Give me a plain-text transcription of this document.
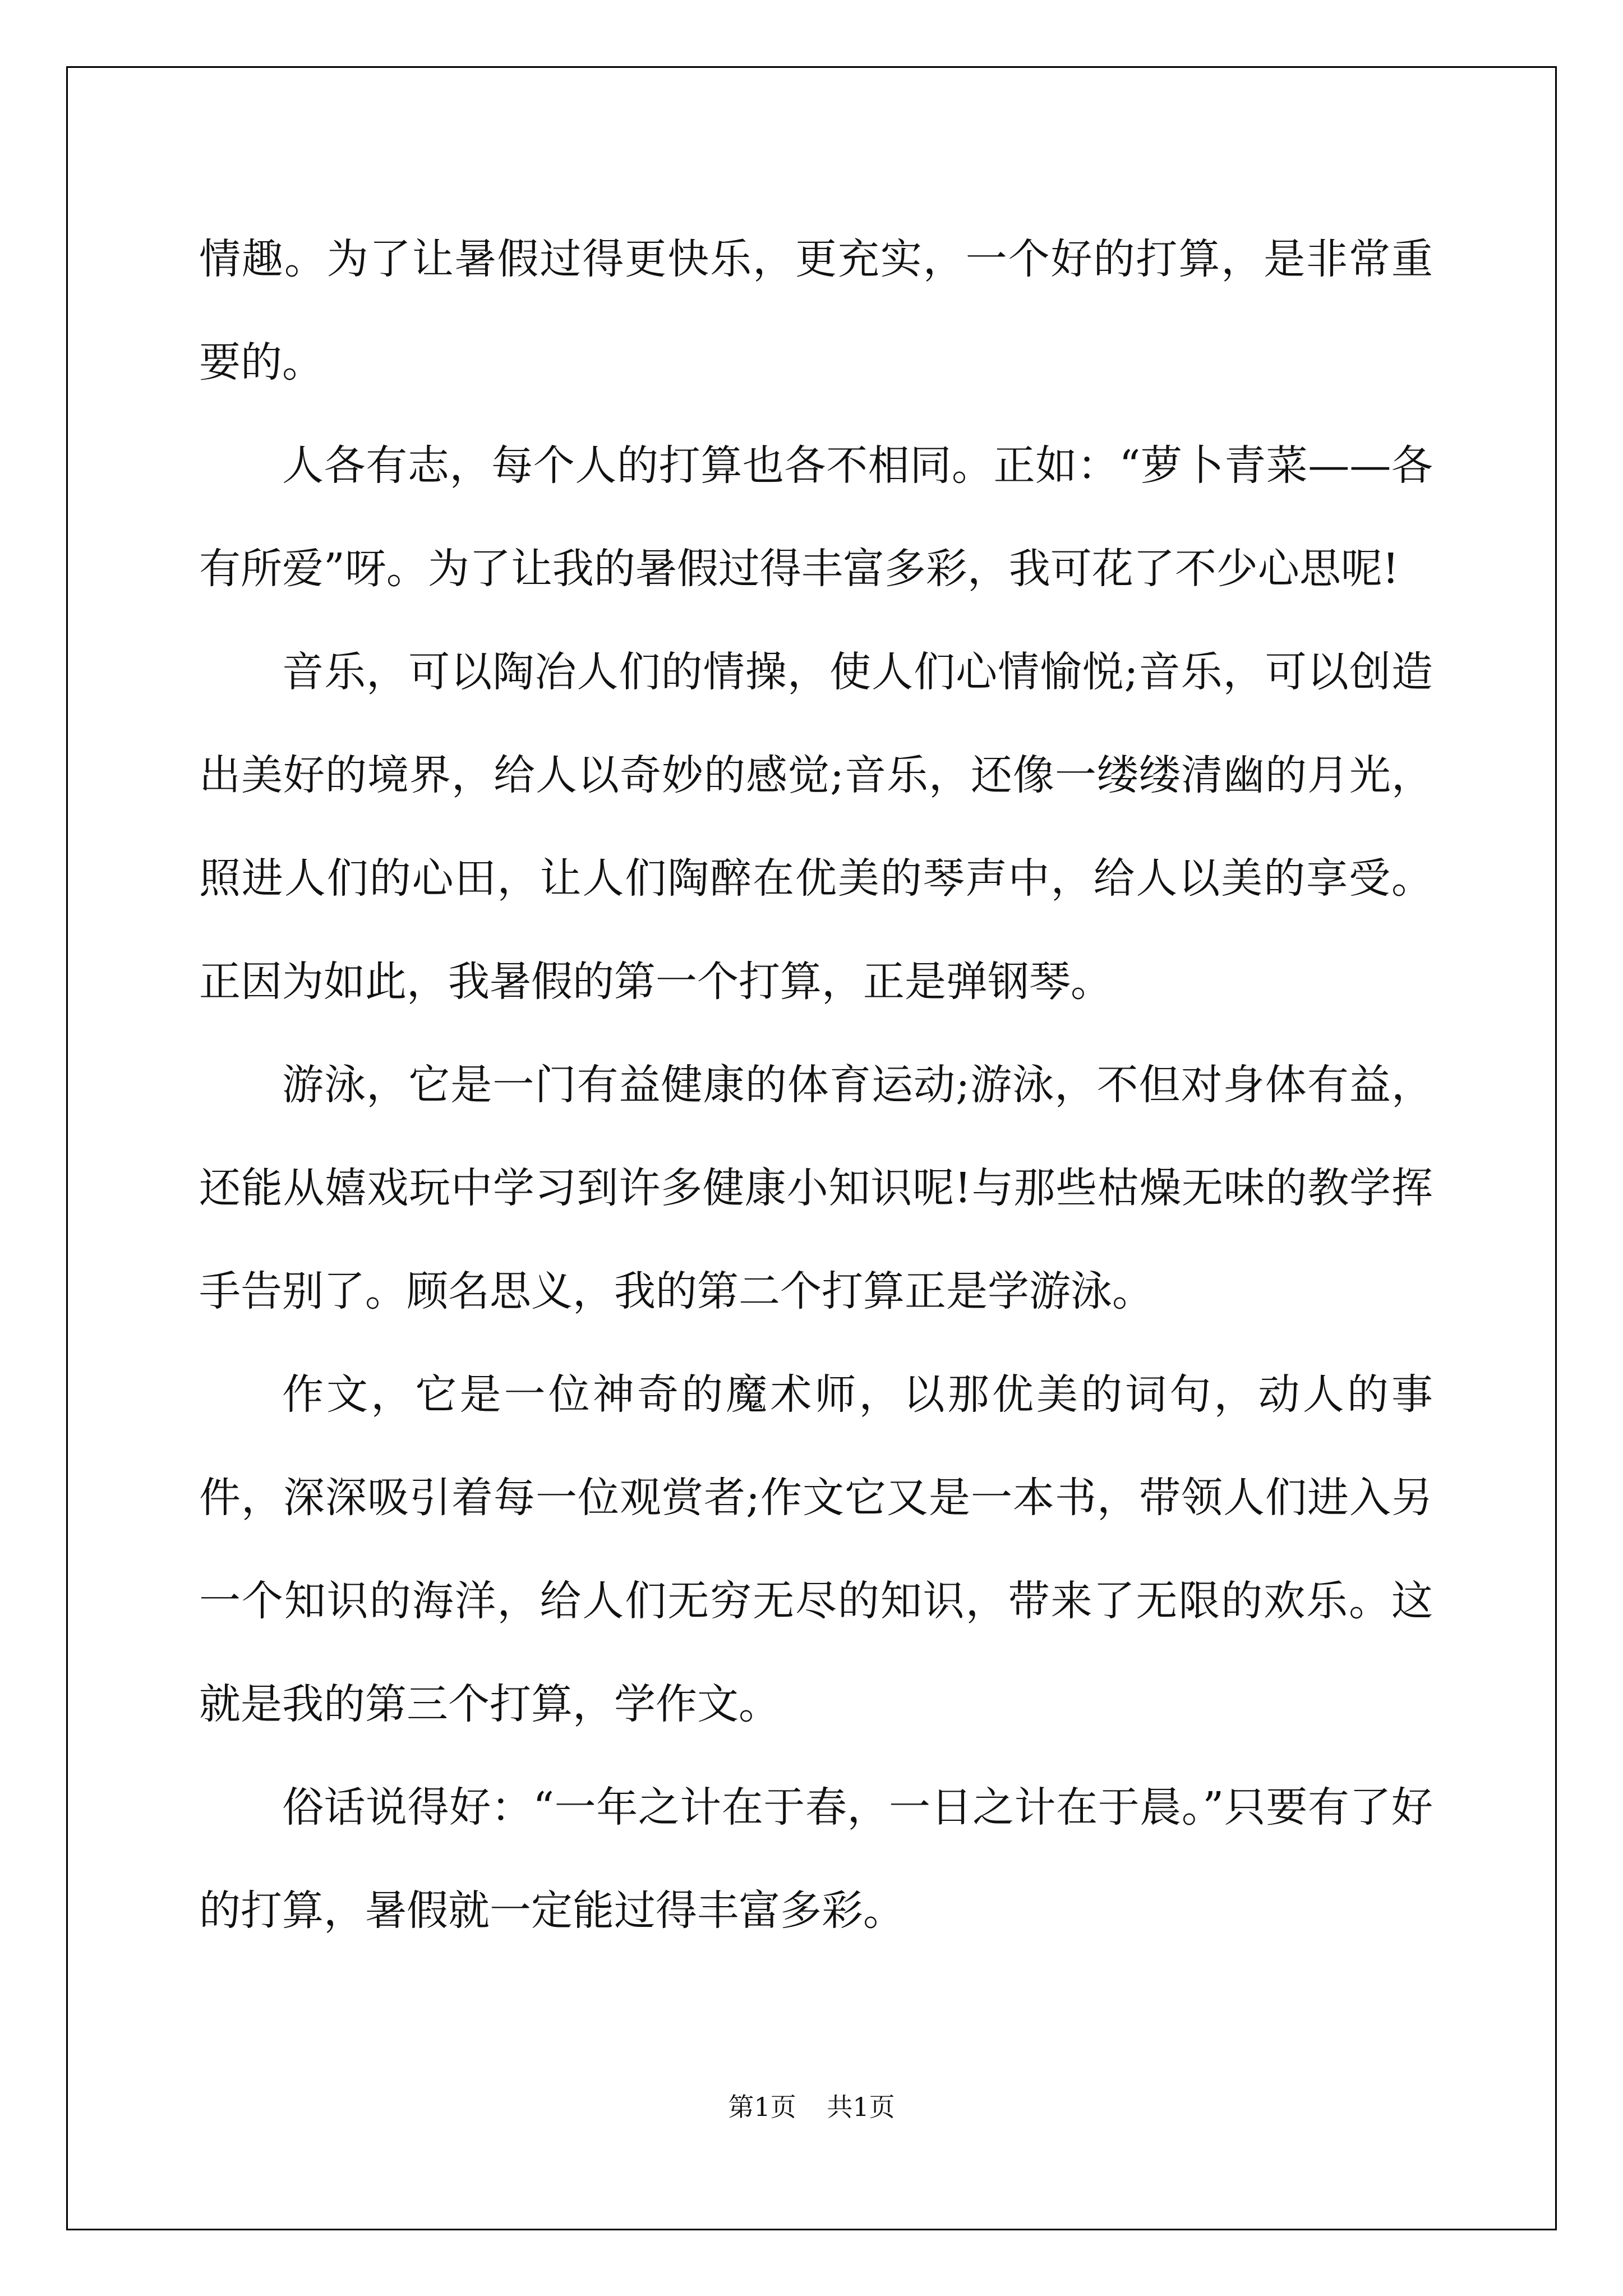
情趣。为了让暑假过得更快乐，更充实，一个好的打算，是非常重要的。

人各有志，每个人的打算也各不相同。正如：“萝卜青菜——各有所爱”呀。为了让我的暑假过得丰富多彩，我可花了不少心思呢!

音乐，可以陶冶人们的情操，使人们心情愉悦;音乐，可以创造出美好的境界，给人以奇妙的感觉;音乐，还像一缕缕清幽的月光，照进人们的心田，让人们陶醉在优美的琴声中，给人以美的享受。正因为如此，我暑假的第一个打算，正是弹钢琴。

游泳，它是一门有益健康的体育运动;游泳，不但对身体有益，还能从嬉戏玩中学习到许多健康小知识呢!与那些枯燥无味的教学挥手告别了。顾名思义，我的第二个打算正是学游泳。

作文，它是一位神奇的魔术师，以那优美的词句，动人的事件，深深吸引着每一位观赏者;作文它又是一本书，带领人们进入另一个知识的海洋，给人们无穷无尽的知识，带来了无限的欢乐。这就是我的第三个打算，学作文。

俗话说得好：“一年之计在于春，一日之计在于晨。”只要有了好的打算，暑假就一定能过得丰富多彩。

第1页 共1页
